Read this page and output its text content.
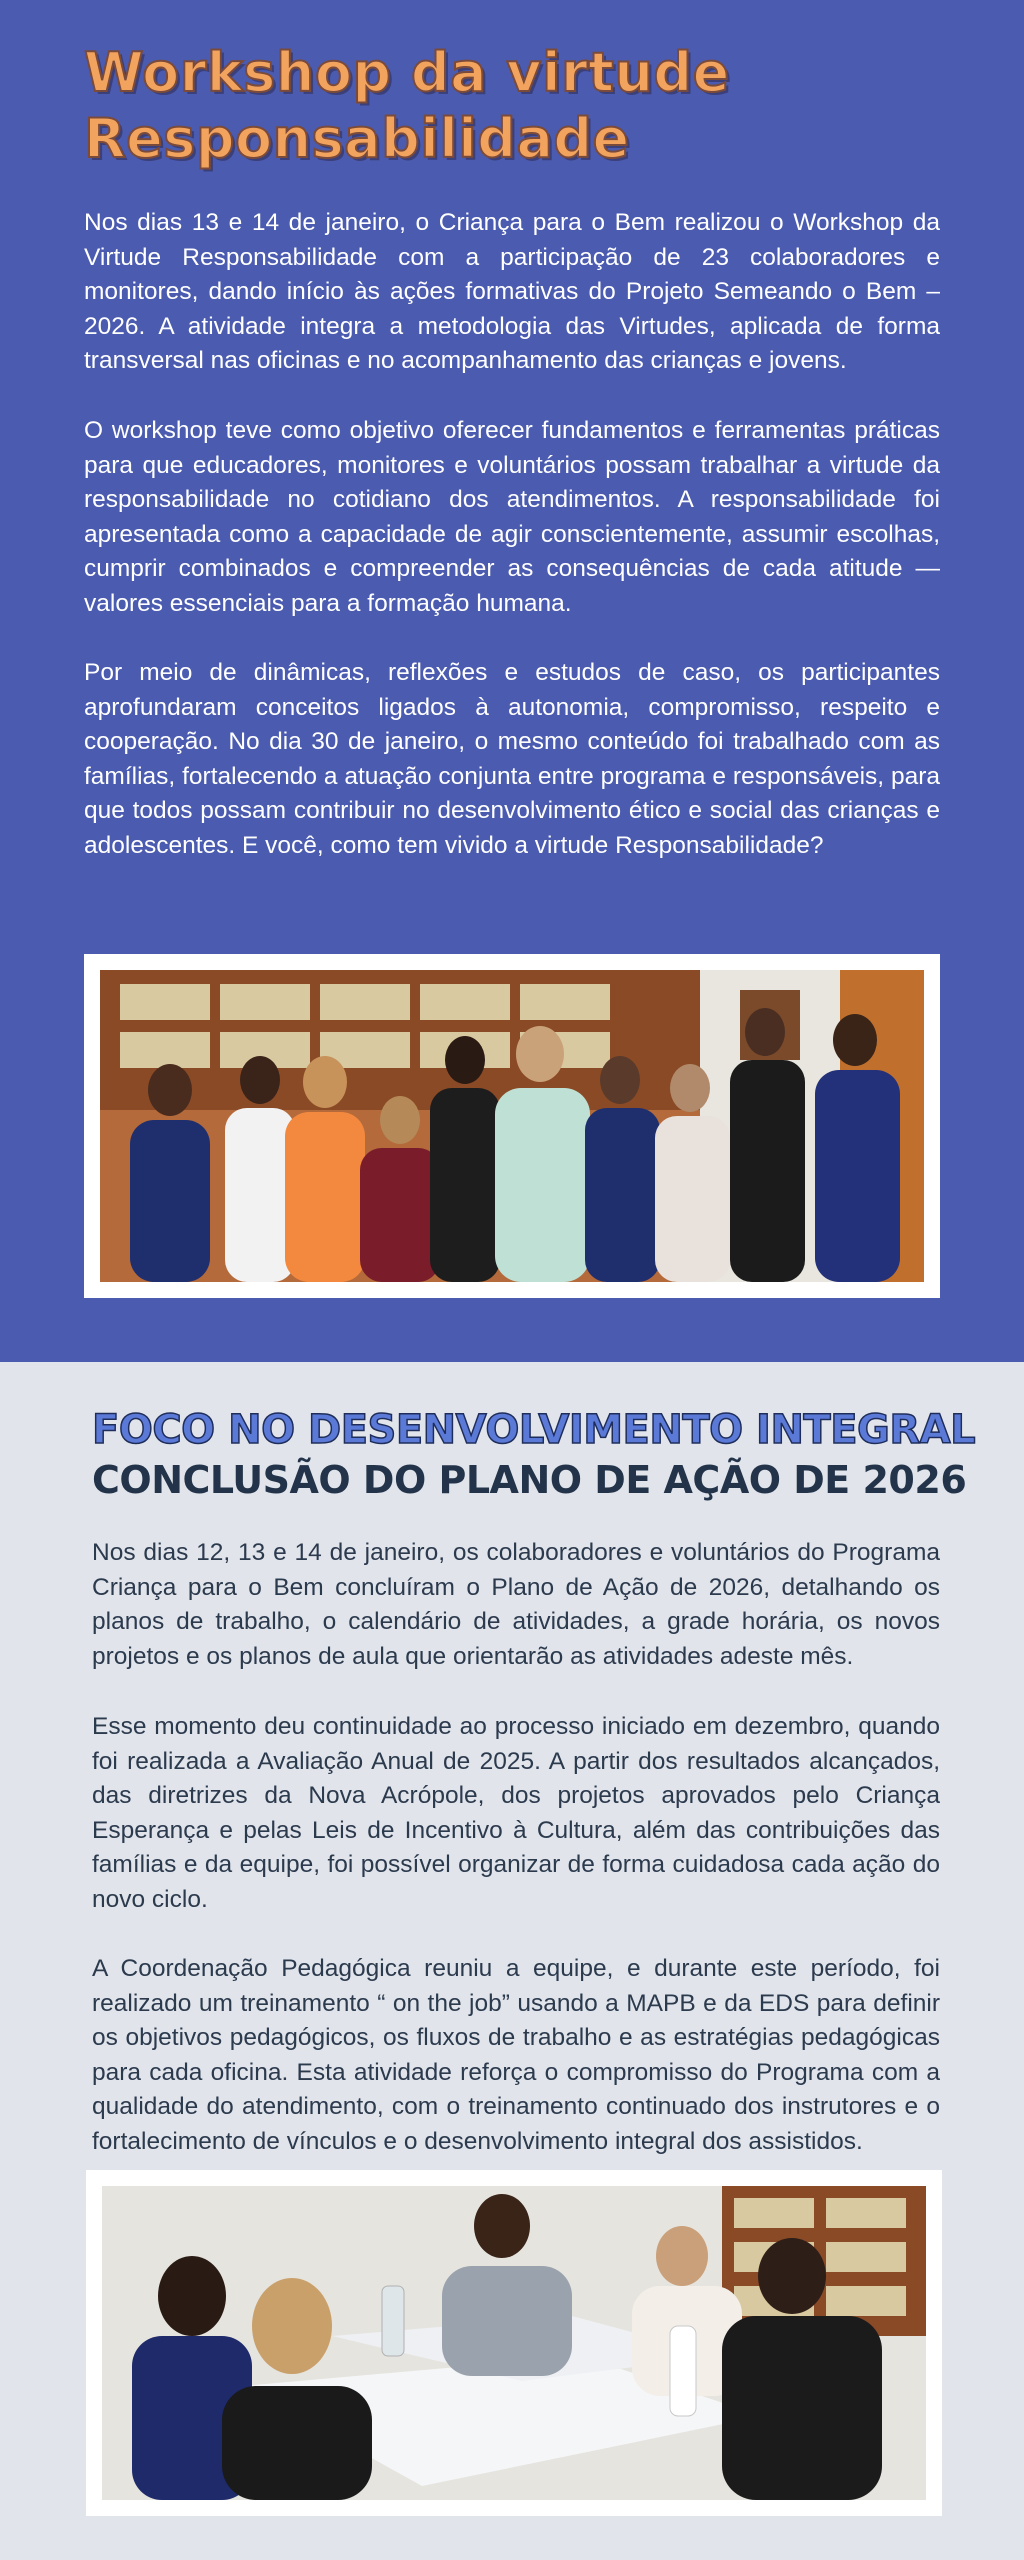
Workshop da virtude
Responsabilidade

Nos dias 13 e 14 de janeiro, o Criança para o Bem realizou o Workshop da Virtude Responsabilidade com a participação de 23 colaboradores e monitores, dando início às ações formativas do Projeto Semeando o Bem – 2026. A atividade integra a metodologia das Virtudes, aplicada de forma transversal nas oficinas e no acompanhamento das crianças e jovens.

O workshop teve como objetivo oferecer fundamentos e ferramentas práticas para que educadores, monitores e voluntários possam trabalhar a virtude da responsabilidade no cotidiano dos atendimentos. A responsabilidade foi apresentada como a capacidade de agir conscientemente, assumir escolhas, cumprir combinados e compreender as consequências de cada atitude — valores essenciais para a formação humana.

Por meio de dinâmicas, reflexões e estudos de caso, os participantes aprofundaram conceitos ligados à autonomia, compromisso, respeito e cooperação. No dia 30 de janeiro, o mesmo conteúdo foi trabalhado com as famílias, fortalecendo a atuação conjunta entre programa e responsáveis, para que todos possam contribuir no desenvolvimento ético e social das crianças e adolescentes. E você, como tem vivido a virtude Responsabilidade?

FOCO NO DESENVOLVIMENTO INTEGRAL
CONCLUSÃO DO PLANO DE AÇÃO DE 2026

Nos dias 12, 13 e 14 de janeiro, os colaboradores e voluntários do Programa Criança para o Bem concluíram o Plano de Ação de 2026, detalhando os planos de trabalho, o calendário de atividades, a grade horária, os novos projetos e os planos de aula que orientarão as atividades adeste mês.

Esse momento deu continuidade ao processo iniciado em dezembro, quando foi realizada a Avaliação Anual de 2025. A partir dos resultados alcançados, das diretrizes da Nova Acrópole, dos projetos aprovados pelo Criança Esperança e pelas Leis de Incentivo à Cultura, além das contribuições das famílias e da equipe, foi possível organizar de forma cuidadosa cada ação do novo ciclo.

A Coordenação Pedagógica reuniu a equipe, e durante este período, foi realizado um treinamento “ on the job” usando a MAPB e da EDS para definir os objetivos pedagógicos, os fluxos de trabalho e as estratégias pedagógicas para cada oficina. Esta atividade reforça o compromisso do Programa com a qualidade do atendimento, com o treinamento continuado dos instrutores e o fortalecimento de vínculos e o desenvolvimento integral dos assistidos.
